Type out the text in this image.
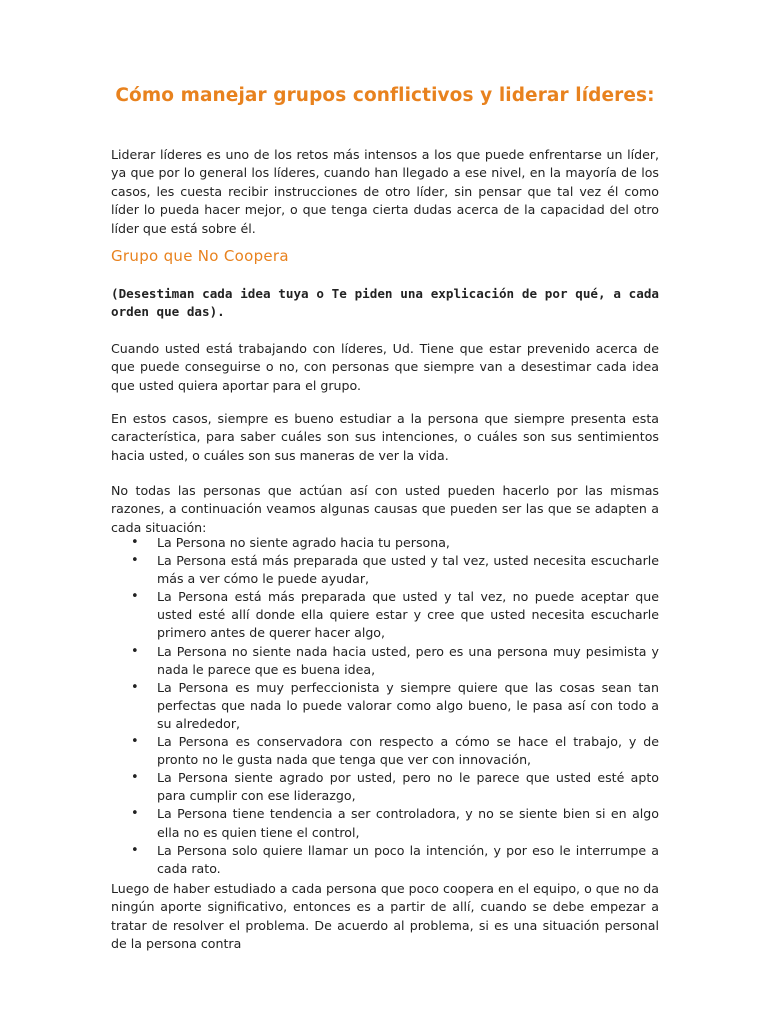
Cómo manejar grupos conflictivos y liderar líderes:

Liderar líderes es uno de los retos más intensos a los que puede enfrentarse un líder, ya que por lo general los líderes, cuando han llegado a ese nivel, en la mayoría de los casos, les cuesta recibir instrucciones de otro líder, sin pensar que tal vez él como líder lo pueda hacer mejor, o que tenga cierta dudas acerca de la capacidad del otro líder que está sobre él.

Grupo que No Coopera

(Desestiman cada idea tuya o Te piden una explicación de por qué, a cada orden que das).

Cuando usted está trabajando con líderes, Ud. Tiene que estar prevenido acerca de que puede conseguirse o no, con personas que siempre van a desestimar cada idea que usted quiera aportar para el grupo.

En estos casos, siempre es bueno estudiar a la persona que siempre presenta esta característica, para saber cuáles son sus intenciones, o cuáles son sus sentimientos hacia usted, o cuáles son sus maneras de ver la vida.

No todas las personas que actúan así con usted pueden hacerlo por las mismas razones, a continuación veamos algunas causas que pueden ser las que se adapten a cada situación:

• La Persona no siente agrado hacia tu persona,
• La Persona está más preparada que usted y tal vez, usted necesita escucharle más a ver cómo le puede ayudar,
• La Persona está más preparada que usted y tal vez, no puede aceptar que usted esté allí donde ella quiere estar y cree que usted necesita escucharle primero antes de querer hacer algo,
• La Persona no siente nada hacia usted, pero es una persona muy pesimista y nada le parece que es buena idea,
• La Persona es muy perfeccionista y siempre quiere que las cosas sean tan perfectas que nada lo puede valorar como algo bueno, le pasa así con todo a su alrededor,
• La Persona es conservadora con respecto a cómo se hace el trabajo, y de pronto no le gusta nada que tenga que ver con innovación,
• La Persona siente agrado por usted, pero no le parece que usted esté apto para cumplir con ese liderazgo,
• La Persona tiene tendencia a ser controladora, y no se siente bien si en algo ella no es quien tiene el control,
• La Persona solo quiere llamar un poco la intención, y por eso le interrumpe a cada rato.

Luego de haber estudiado a cada persona que poco coopera en el equipo, o que no da ningún aporte significativo, entonces es a partir de allí, cuando se debe empezar a tratar de resolver el problema. De acuerdo al problema, si es una situación personal de la persona contra
